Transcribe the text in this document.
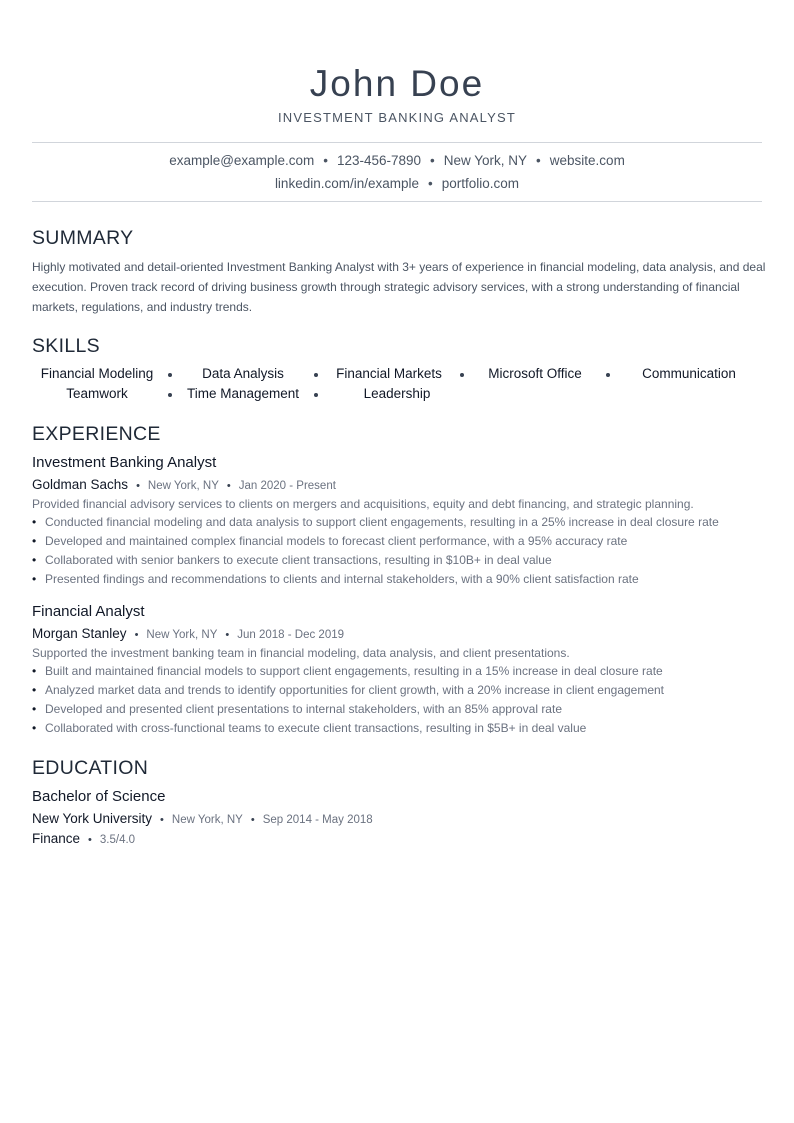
John Doe
INVESTMENT BANKING ANALYST
example@example.com • 123-456-7890 • New York, NY • website.com
linkedin.com/in/example • portfolio.com
SUMMARY
Highly motivated and detail-oriented Investment Banking Analyst with 3+ years of experience in financial modeling, data analysis, and deal execution. Proven track record of driving business growth through strategic advisory services, with a strong understanding of financial markets, regulations, and industry trends.
SKILLS
Financial Modeling	Data Analysis	Financial Markets	Microsoft Office	Communication
Teamwork	Time Management	Leadership
EXPERIENCE
Investment Banking Analyst
Goldman Sachs • New York, NY • Jan 2020 - Present
Provided financial advisory services to clients on mergers and acquisitions, equity and debt financing, and strategic planning.
• Conducted financial modeling and data analysis to support client engagements, resulting in a 25% increase in deal closure rate
• Developed and maintained complex financial models to forecast client performance, with a 95% accuracy rate
• Collaborated with senior bankers to execute client transactions, resulting in $10B+ in deal value
• Presented findings and recommendations to clients and internal stakeholders, with a 90% client satisfaction rate
Financial Analyst
Morgan Stanley • New York, NY • Jun 2018 - Dec 2019
Supported the investment banking team in financial modeling, data analysis, and client presentations.
• Built and maintained financial models to support client engagements, resulting in a 15% increase in deal closure rate
• Analyzed market data and trends to identify opportunities for client growth, with a 20% increase in client engagement
• Developed and presented client presentations to internal stakeholders, with an 85% approval rate
• Collaborated with cross-functional teams to execute client transactions, resulting in $5B+ in deal value
EDUCATION
Bachelor of Science
New York University • New York, NY • Sep 2014 - May 2018
Finance • 3.5/4.0
